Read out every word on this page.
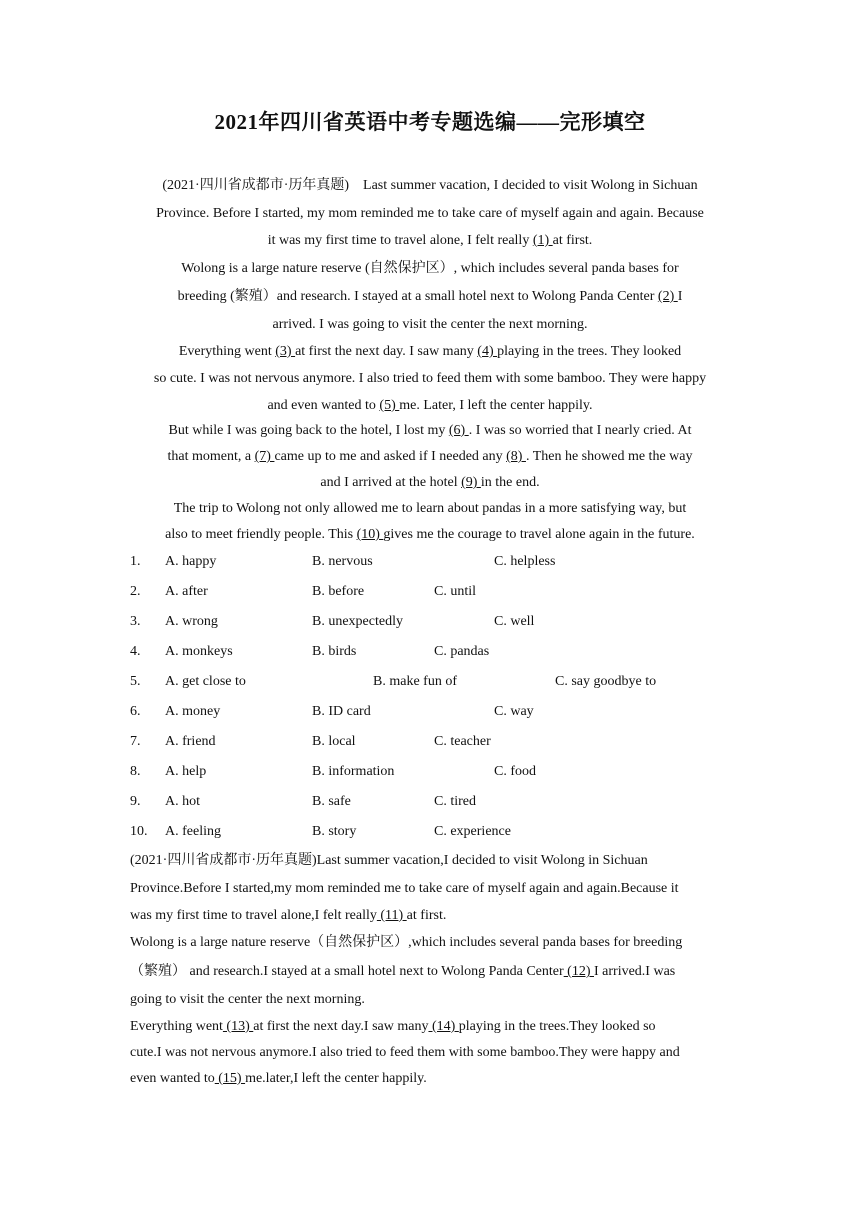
2021年四川省英语中考专题选编——完形填空
(2021·四川省成都市·历年真题)　Last summer vacation, I decided to visit Wolong in Sichuan
Province. Before I started, my mom reminded me to take care of myself again and again. Because
it was my first time to travel alone, I felt really (1) at first.
Wolong is a large nature reserve (自然保护区）, which includes several panda bases for
breeding (繁殖）and research. I stayed at a small hotel next to Wolong Panda Center (2) I
arrived. I was going to visit the center the next morning.
Everything went (3) at first the next day. I saw many (4) playing in the trees. They looked
so cute. I was not nervous anymore. I also tried to feed them with some bamboo. They were happy
and even wanted to (5) me. Later, I left the center happily.
But while I was going back to the hotel, I lost my (6) . I was so worried that I nearly cried. At
that moment, a (7) came up to me and asked if I needed any (8) . Then he showed me the way
and I arrived at the hotel (9) in the end.
The trip to Wolong not only allowed me to learn about pandas in a more satisfying way, but
also to meet friendly people. This (10) gives me the courage to travel alone again in the future.
1. A. happy	B. nervous	C. helpless
2. A. after	B. before	C. until
3. A. wrong	B. unexpectedly	C. well
4. A. monkeys	B. birds	C. pandas
5. A. get close to	B. make fun of	C. say goodbye to
6. A. money	B. ID card	C. way
7. A. friend	B. local	C. teacher
8. A. help	B. information	C. food
9. A. hot	B. safe	C. tired
10. A. feeling	B. story	C. experience
(2021·四川省成都市·历年真题)Last summer vacation,I decided to visit Wolong in Sichuan
Province.Before I started,my mom reminded me to take care of myself again and again.Because it
was my first time to travel alone,I felt really (11) at first.
Wolong is a large nature reserve（自然保护区）,which includes several panda bases for breeding
（繁殖） and research.I stayed at a small hotel next to Wolong Panda Center (12) I arrived.I was
going to visit the center the next morning.
Everything went (13) at first the next day.I saw many (14) playing in the trees.They looked so
cute.I was not nervous anymore.I also tried to feed them with some bamboo.They were happy and
even wanted to (15) me.later,I left the center happily.
